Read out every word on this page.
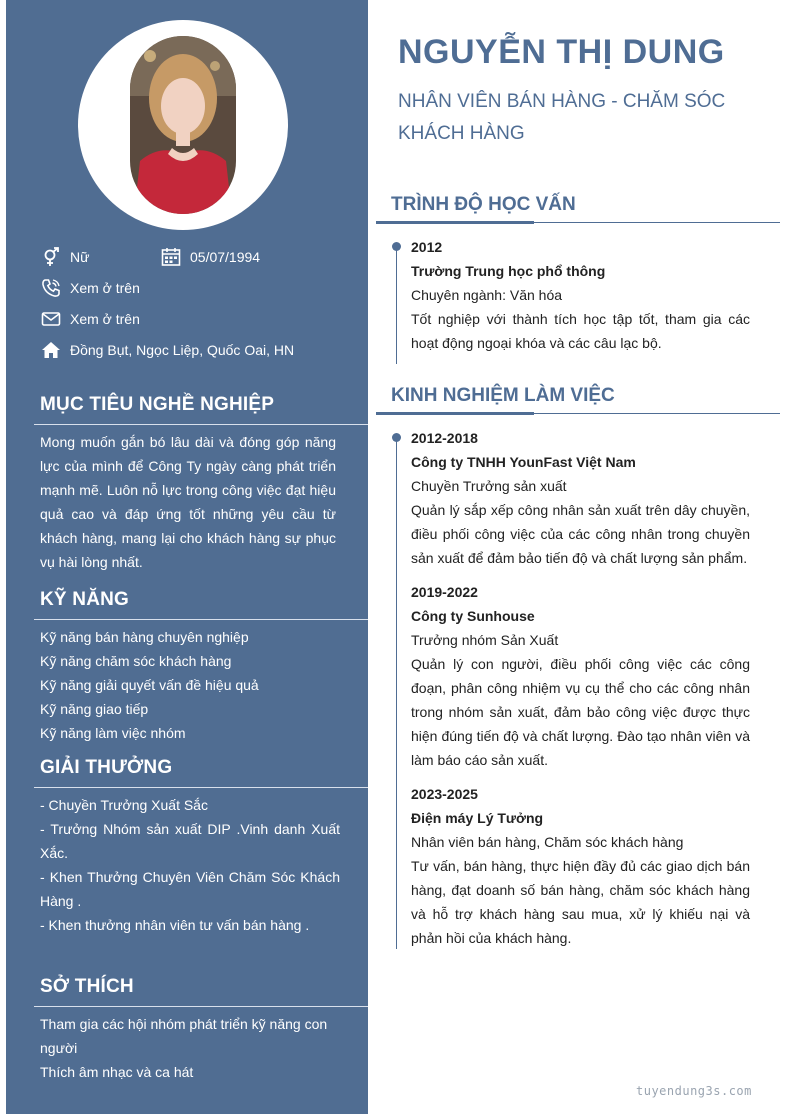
Nữ	05/07/1994
Xem ở trên
Xem ở trên
Đồng Bụt, Ngọc Liệp, Quốc Oai, HN
MỤC TIÊU NGHỀ NGHIỆP
Mong muốn gắn bó lâu dài và đóng góp năng lực của mình để Công Ty ngày càng phát triển mạnh mẽ. Luôn nỗ lực trong công việc đạt hiệu quả cao và đáp ứng tốt những yêu cầu từ khách hàng, mang lại cho khách hàng sự phục vụ hài lòng nhất.
KỸ NĂNG
Kỹ năng bán hàng chuyên nghiệp
Kỹ năng chăm sóc khách hàng
Kỹ năng giải quyết vấn đề hiệu quả
Kỹ năng giao tiếp
Kỹ năng làm việc nhóm
GIẢI THƯỞNG
- Chuyền Trưởng Xuất Sắc
- Trưởng Nhóm sản xuất DIP .Vinh danh Xuất Xắc.
- Khen Thưởng Chuyên Viên Chăm Sóc Khách Hàng .
- Khen thưởng nhân viên tư vấn bán hàng .
SỞ THÍCH
Tham gia các hội nhóm phát triển kỹ năng con người
Thích âm nhạc và ca hát
NGUYỄN THỊ DUNG
NHÂN VIÊN BÁN HÀNG - CHĂM SÓC KHÁCH HÀNG
TRÌNH ĐỘ HỌC VẤN
2012
Trường Trung học phổ thông
Chuyên ngành: Văn hóa
Tốt nghiệp với thành tích học tập tốt, tham gia các hoạt động ngoại khóa và các câu lạc bộ.
KINH NGHIỆM LÀM VIỆC
2012-2018
Công ty TNHH YounFast Việt Nam
Chuyền Trưởng sản xuất
Quản lý sắp xếp công nhân sản xuất trên dây chuyền, điều phối công việc của các công nhân trong chuyền sản xuất để đảm bảo tiến độ và chất lượng sản phẩm.
2019-2022
Công ty Sunhouse
Trưởng nhóm Sản Xuất
Quản lý con người, điều phối công việc các công đoạn, phân công nhiệm vụ cụ thể cho các công nhân trong nhóm sản xuất, đảm bảo công việc được thực hiện đúng tiến độ và chất lượng. Đào tạo nhân viên và làm báo cáo sản xuất.
2023-2025
Điện máy Lý Tưởng
Nhân viên bán hàng, Chăm sóc khách hàng
Tư vấn, bán hàng, thực hiện đầy đủ các giao dịch bán hàng, đạt doanh số bán hàng, chăm sóc khách hàng và hỗ trợ khách hàng sau mua, xử lý khiếu nại và phản hồi của khách hàng.
tuyendung3s.com
